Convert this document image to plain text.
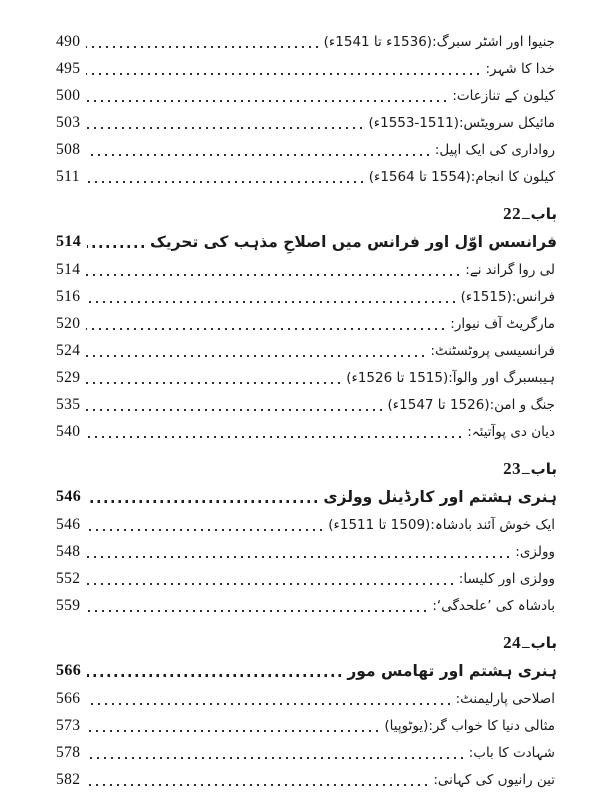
جنیوا اور اشٹر سبرگ:(1536ء تا 1541ء)
490
خدا کا شہر:
495
کیلون کے تنازعات:
500
مائیکل سرویٹس:(1511-1553ء)
503
رواداری کی ایک اپیل:
508
کیلون کا انجام:(1554 تا 1564ء)
511
باب
_
22
فرانسس اوّل اور فرانس میں اصلاحِ مذہب کی تحریک
514
لی روا گراند نے:
514
فرانس:(1515ء)
516
مارگریٹ آف نیوار:
520
فرانسیسی پروٹسٹنٹ:
524
ہیبسبرگ اور والوآ:(1515 تا 1526ء)
529
جنگ و امن:(1526 تا 1547ء)
535
دیان دی پوآتیئہ:
540
باب
_
23
ہنری ہشتم اور کارڈینل وولزی
546
ایک خوش آئند بادشاہ:(1509 تا 1511ء)
546
وولزی:
548
وولزی اور کلیسا:
552
بادشاہ کی ’علحدگی‘:
559
باب
_
24
ہنری ہشتم اور تھامس مور
566
اصلاحی پارلیمنٹ:
566
مثالی دنیا کا خواب گر:(یوٹوپیا)
573
شہادت کا باب:
578
تین رانیوں کی کہانی:
582
